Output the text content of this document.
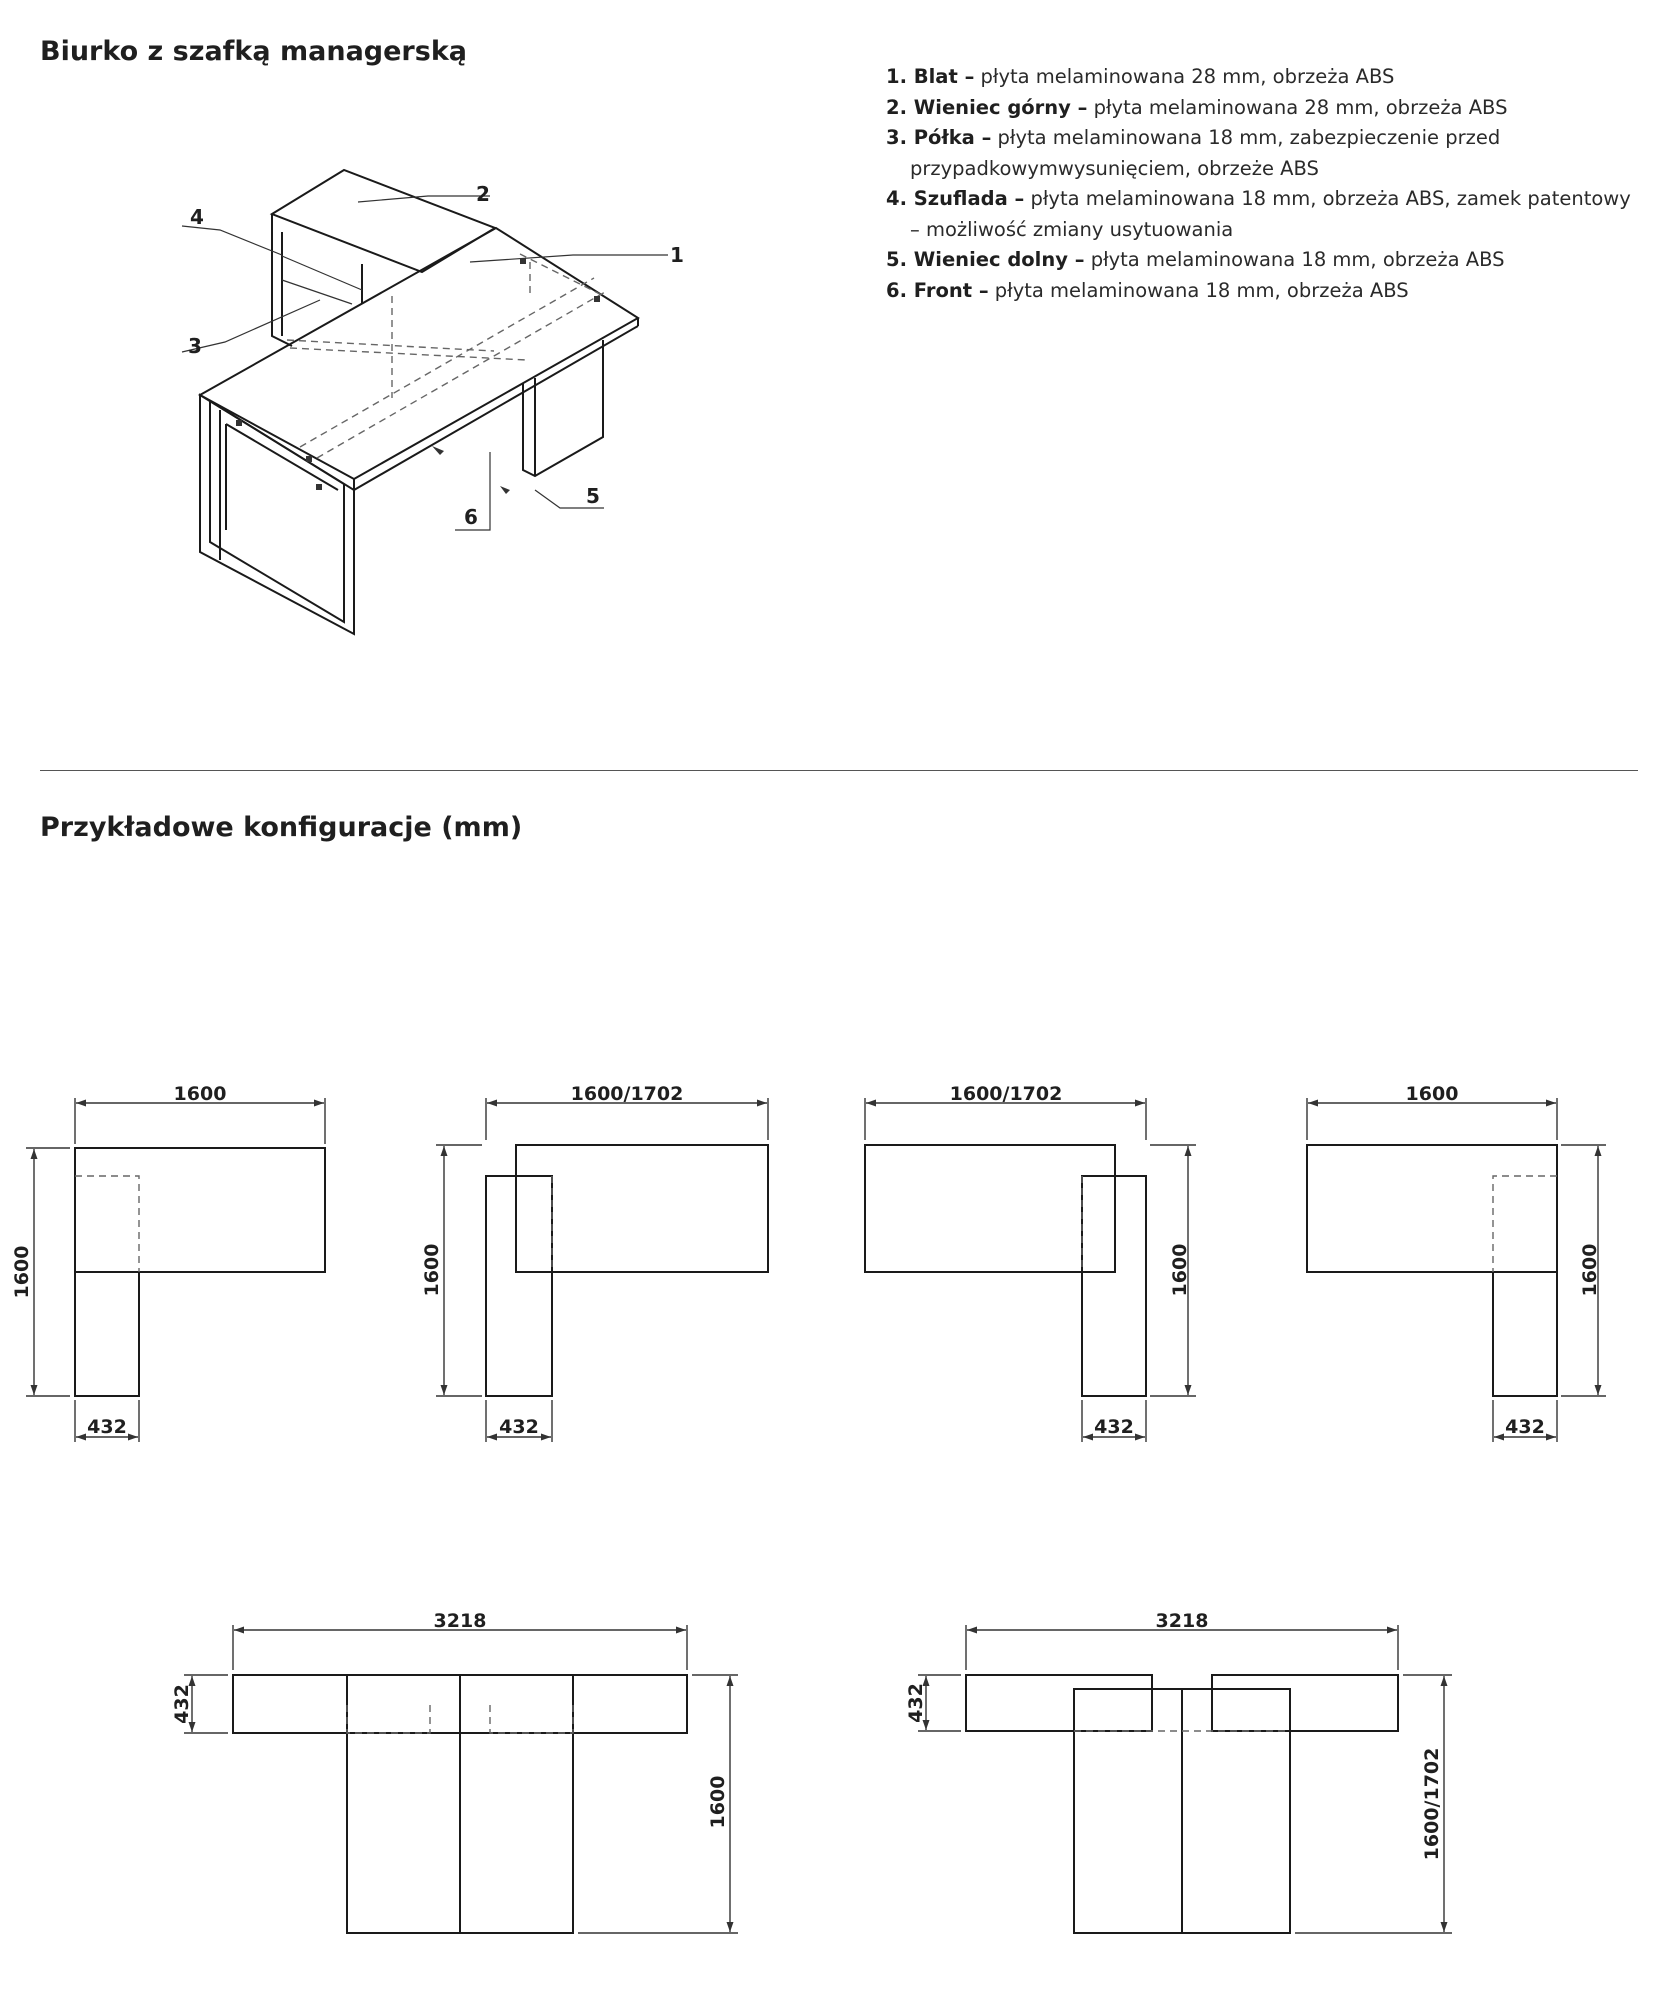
Biurko z szafką managerską
1. Blat – płyta melaminowana 28 mm, obrzeża ABS
2. Wieniec górny – płyta melaminowana 28 mm, obrzeża ABS
3. Półka – płyta melaminowana 18 mm, zabezpieczenie przed przypadkowymwysunięciem, obrzeże ABS
4. Szuflada – płyta melaminowana 18 mm, obrzeża ABS, zamek patentowy – możliwość zmiany usytuowania
5. Wieniec dolny – płyta melaminowana 18 mm, obrzeża ABS
6. Front – płyta melaminowana 18 mm, obrzeża ABS
Przykładowe konfiguracje (mm)
1
2
3
4
5
6
1600
1600
432
1600/1702
1600
432
1600/1702
1600
432
1600
1600
432
3218
1600
432
3218
1600/1702
432
